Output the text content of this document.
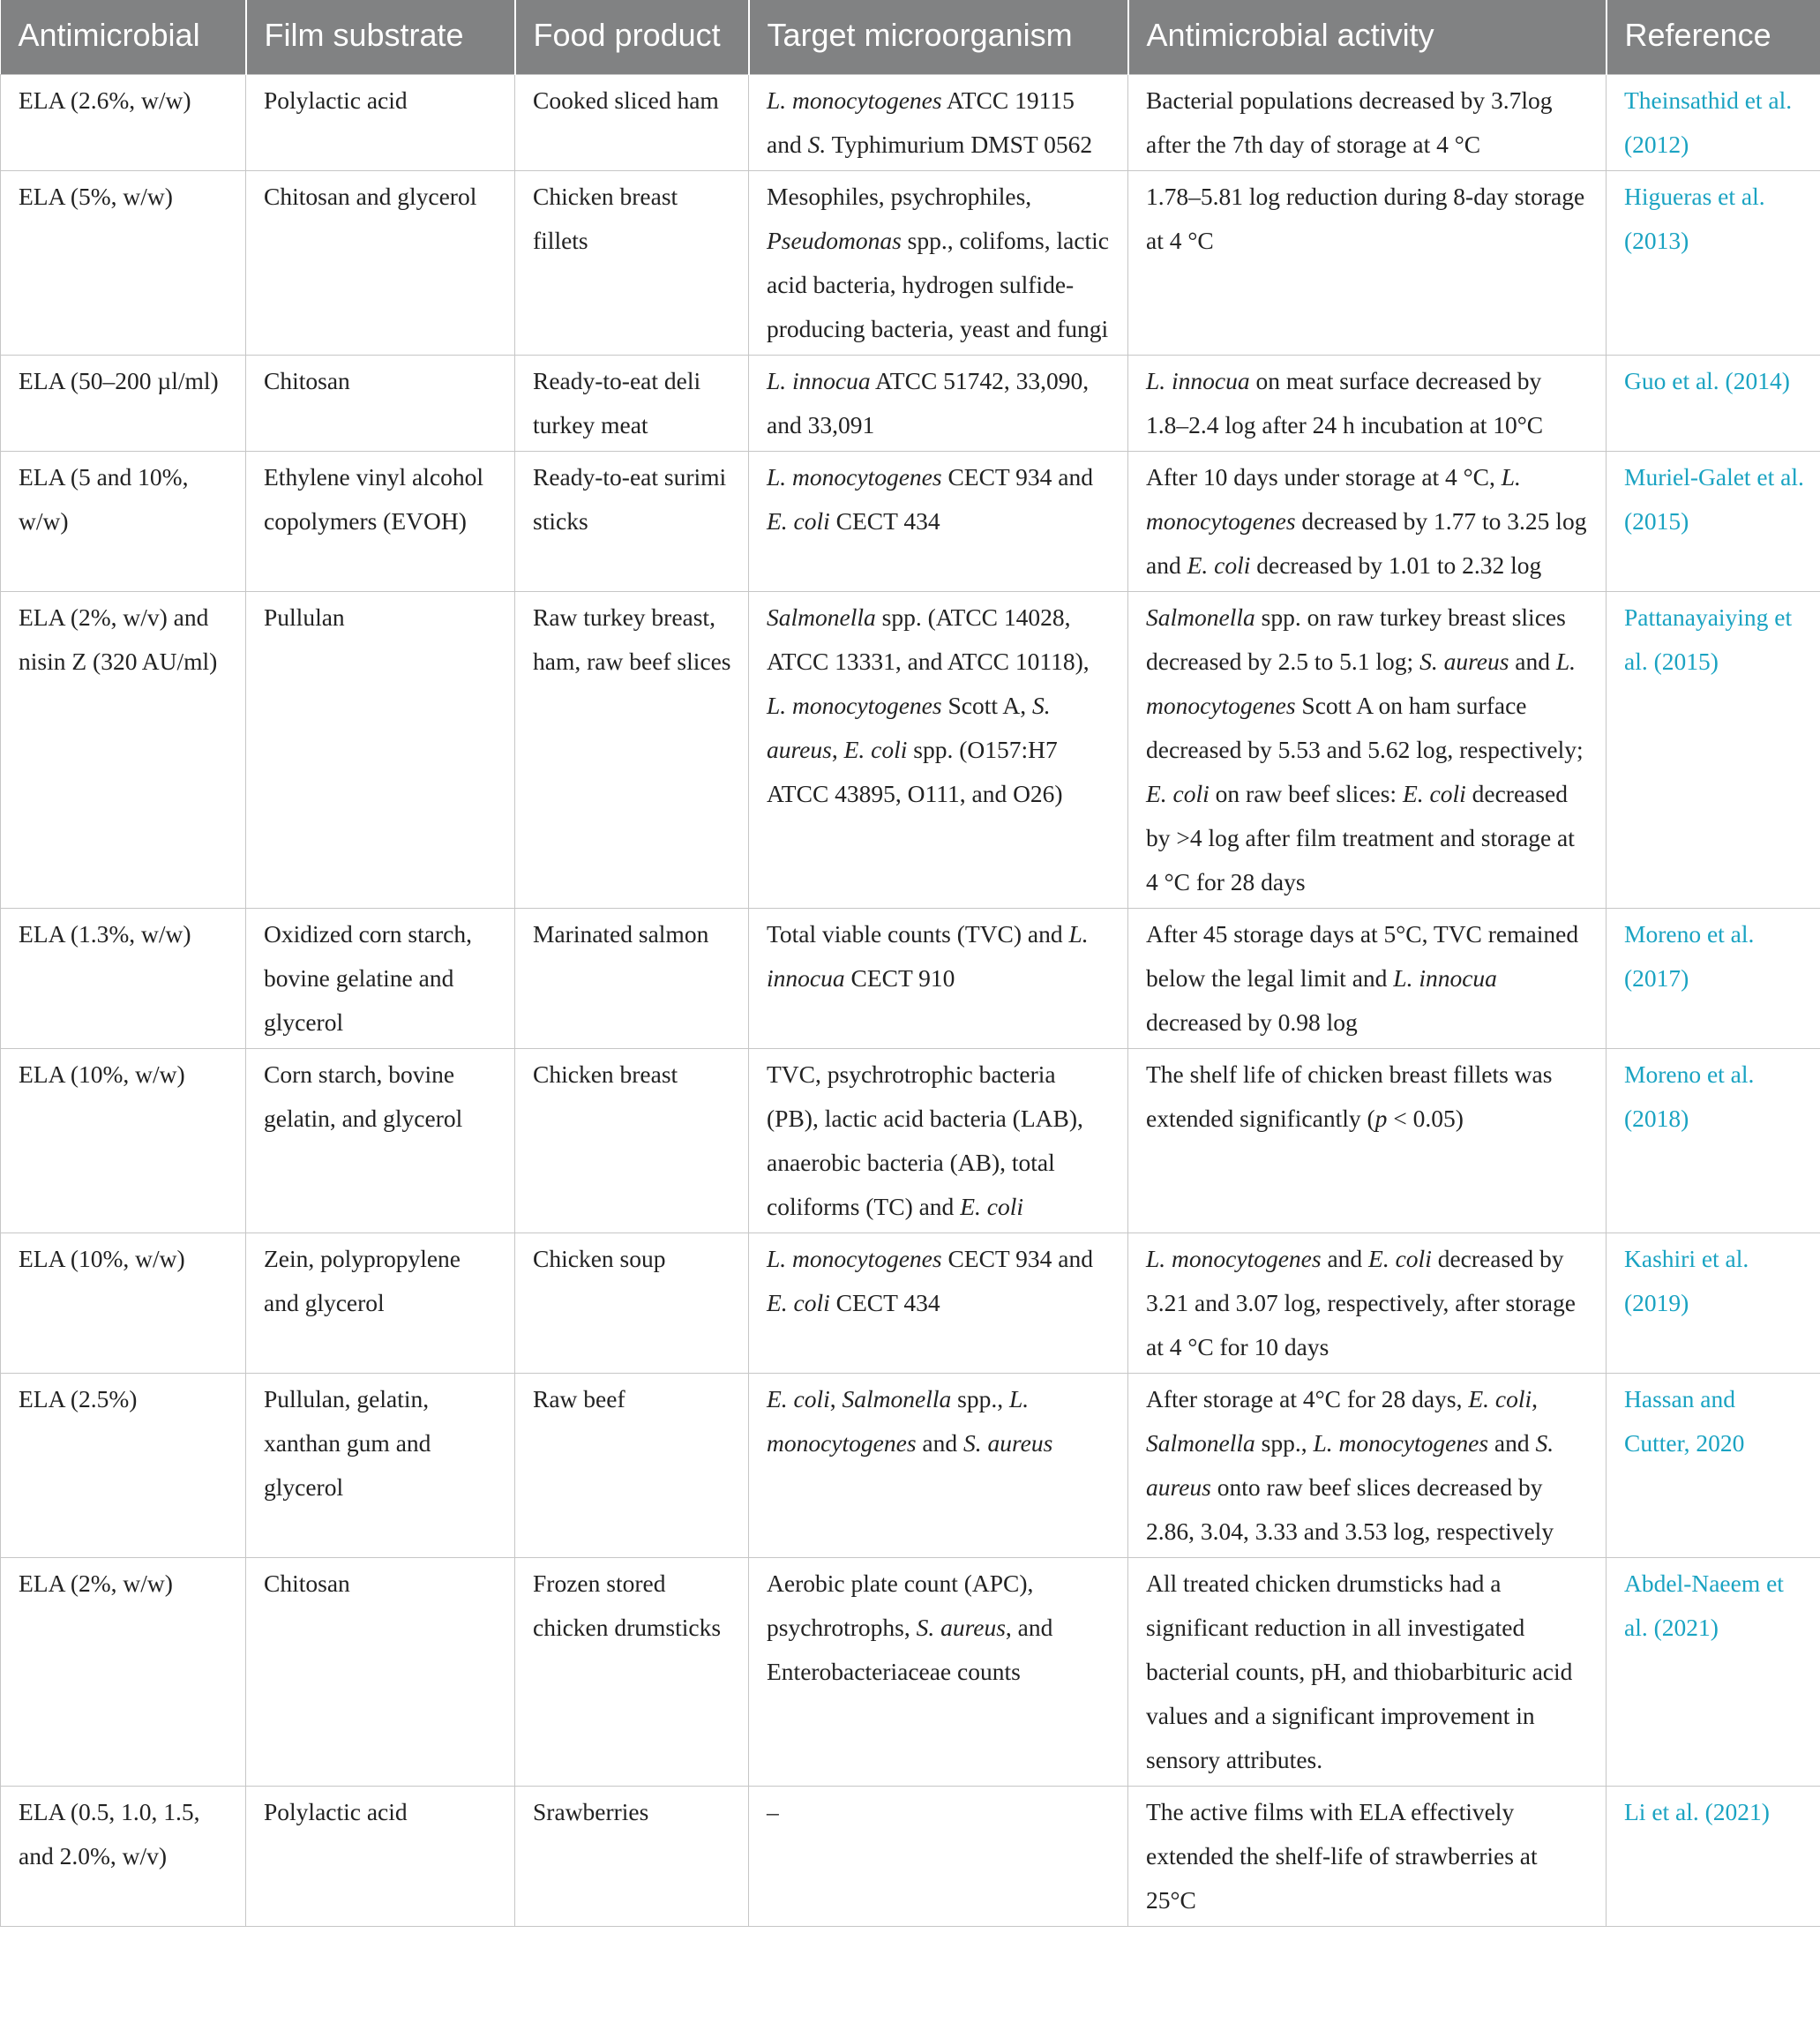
Antimicrobial	Film substrate	Food product	Target microorganism	Antimicrobial activity	Reference
ELA (2.6%, w/w)	Polylactic acid	Cooked sliced ham	L. monocytogenes ATCC 19115 and S. Typhimurium DMST 0562	Bacterial populations decreased by 3.7log after the 7th day of storage at 4 °C	Theinsathid et al. (2012)
ELA (5%, w/w)	Chitosan and glycerol	Chicken breast fillets	Mesophiles, psychrophiles, Pseudomonas spp., colifoms, lactic acid bacteria, hydrogen sulfide-producing bacteria, yeast and fungi	1.78–5.81 log reduction during 8-day storage at 4 °C	Higueras et al. (2013)
ELA (50–200 µl/ml)	Chitosan	Ready-to-eat deli turkey meat	L. innocua ATCC 51742, 33,090, and 33,091	L. innocua on meat surface decreased by 1.8–2.4 log after 24 h incubation at 10°C	Guo et al. (2014)
ELA (5 and 10%, w/w)	Ethylene vinyl alcohol copolymers (EVOH)	Ready-to-eat surimi sticks	L. monocytogenes CECT 934 and E. coli CECT 434	After 10 days under storage at 4 °C, L. monocytogenes decreased by 1.77 to 3.25 log and E. coli decreased by 1.01 to 2.32 log	Muriel-Galet et al. (2015)
ELA (2%, w/v) and nisin Z (320 AU/ml)	Pullulan	Raw turkey breast, ham, raw beef slices	Salmonella spp. (ATCC 14028, ATCC 13331, and ATCC 10118), L. monocytogenes Scott A, S. aureus, E. coli spp. (O157:H7 ATCC 43895, O111, and O26)	Salmonella spp. on raw turkey breast slices decreased by 2.5 to 5.1 log; S. aureus and L. monocytogenes Scott A on ham surface decreased by 5.53 and 5.62 log, respectively; E. coli on raw beef slices: E. coli decreased by >4 log after film treatment and storage at 4 °C for 28 days	Pattanayaiying et al. (2015)
ELA (1.3%, w/w)	Oxidized corn starch, bovine gelatine and glycerol	Marinated salmon	Total viable counts (TVC) and L. innocua CECT 910	After 45 storage days at 5°C, TVC remained below the legal limit and L. innocua decreased by 0.98 log	Moreno et al. (2017)
ELA (10%, w/w)	Corn starch, bovine gelatin, and glycerol	Chicken breast	TVC, psychrotrophic bacteria (PB), lactic acid bacteria (LAB), anaerobic bacteria (AB), total coliforms (TC) and E. coli	The shelf life of chicken breast fillets was extended significantly (p < 0.05)	Moreno et al. (2018)
ELA (10%, w/w)	Zein, polypropylene and glycerol	Chicken soup	L. monocytogenes CECT 934 and E. coli CECT 434	L. monocytogenes and E. coli decreased by 3.21 and 3.07 log, respectively, after storage at 4 °C for 10 days	Kashiri et al. (2019)
ELA (2.5%)	Pullulan, gelatin, xanthan gum and glycerol	Raw beef	E. coli, Salmonella spp., L. monocytogenes and S. aureus	After storage at 4°C for 28 days, E. coli, Salmonella spp., L. monocytogenes and S. aureus onto raw beef slices decreased by 2.86, 3.04, 3.33 and 3.53 log, respectively	Hassan and Cutter, 2020
ELA (2%, w/w)	Chitosan	Frozen stored chicken drumsticks	Aerobic plate count (APC), psychrotrophs, S. aureus, and Enterobacteriaceae counts	All treated chicken drumsticks had a significant reduction in all investigated bacterial counts, pH, and thiobarbituric acid values and a significant improvement in sensory attributes.	Abdel-Naeem et al. (2021)
ELA (0.5, 1.0, 1.5, and 2.0%, w/v)	Polylactic acid	Srawberries	–	The active films with ELA effectively extended the shelf-life of strawberries at 25°C	Li et al. (2021)
